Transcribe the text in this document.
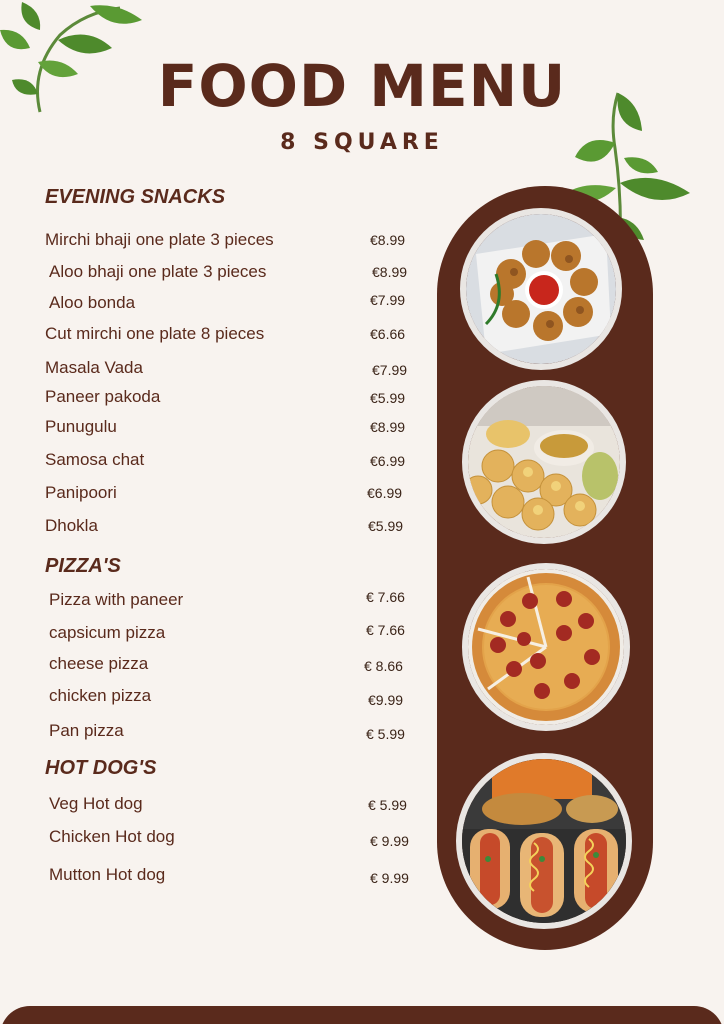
FOOD MENU
8 SQUARE
EVENING SNACKS
Mirchi bhaji one plate 3 pieces	€8.99
Aloo bhaji one plate 3 pieces	€8.99
Aloo bonda	€7.99
Cut mirchi one plate 8 pieces	€6.66
Masala Vada	€7.99
Paneer pakoda	€5.99
Punugulu	€8.99
Samosa chat	€6.99
Panipoori	€6.99
Dhokla	€5.99
PIZZA'S
Pizza with paneer	€ 7.66
capsicum pizza	€ 7.66
cheese pizza	€ 8.66
chicken pizza	€9.99
Pan pizza	€ 5.99
HOT DOG'S
Veg Hot dog	€ 5.99
Chicken Hot dog	€ 9.99
Mutton Hot dog	€ 9.99
